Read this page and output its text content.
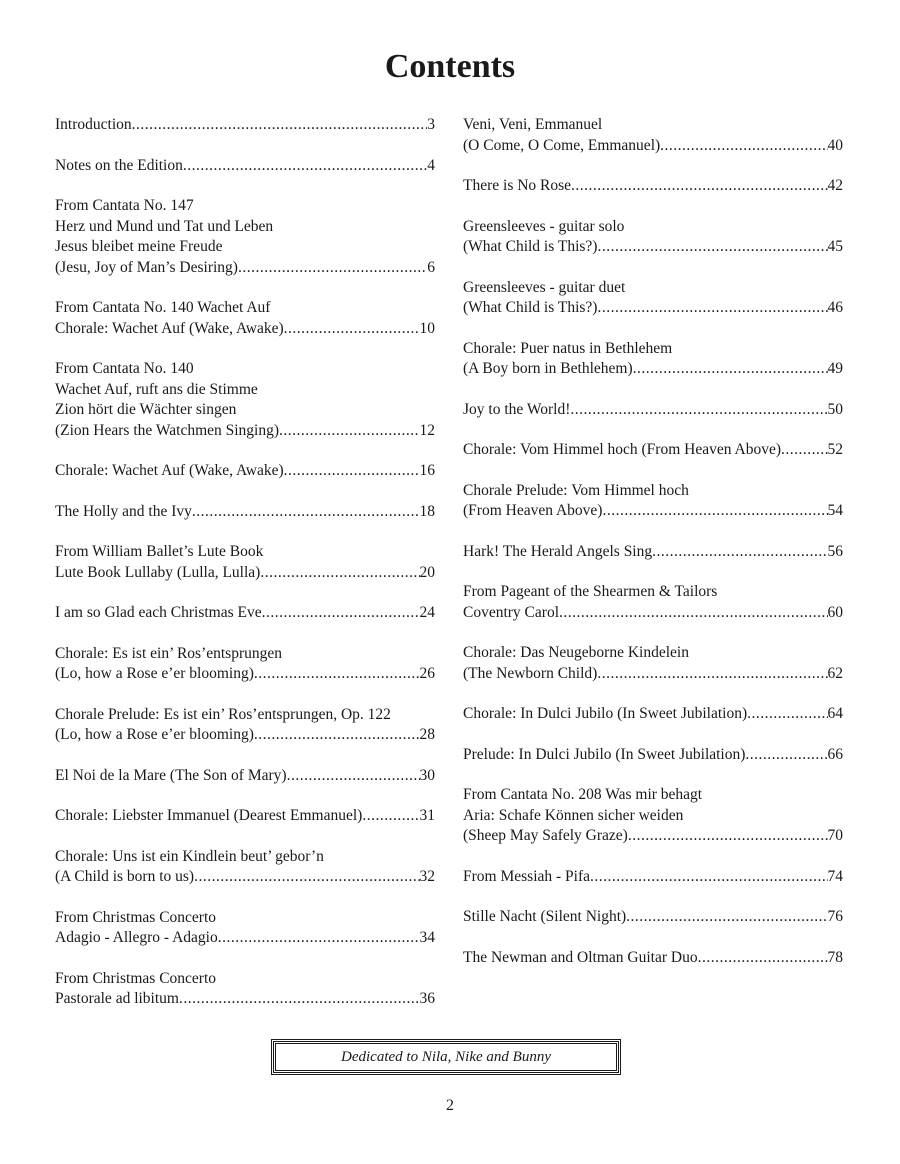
Contents
Introduction .....	3
Notes on the Edition .....	4
From Cantata No. 147
Herz und Mund und Tat und Leben
Jesus bleibet meine Freude
(Jesu, Joy of Man’s Desiring) .....	6
From Cantata No. 140 Wachet Auf
Chorale: Wachet Auf (Wake, Awake) .....	10
From Cantata No. 140
Wachet Auf, ruft ans die Stimme
Zion hört die Wächter singen
(Zion Hears the Watchmen Singing) .....	12
Chorale: Wachet Auf (Wake, Awake) .....	16
The Holly and the Ivy .....	18
From William Ballet’s Lute Book
Lute Book Lullaby (Lulla, Lulla) .....	20
I am so Glad each Christmas Eve .....	24
Chorale: Es ist ein’ Ros’entsprungen
(Lo, how a Rose e’er blooming) .....	26
Chorale Prelude: Es ist ein’ Ros’entsprungen, Op. 122
(Lo, how a Rose e’er blooming) .....	28
El Noi de la Mare (The Son of Mary) .....	30
Chorale: Liebster Immanuel (Dearest Emmanuel) .....	31
Chorale: Uns ist ein Kindlein beut’ gebor’n
(A Child is born to us) .....	32
From Christmas Concerto
Adagio - Allegro - Adagio .....	34
From Christmas Concerto
Pastorale ad libitum .....	36
Veni, Veni, Emmanuel
(O Come, O Come, Emmanuel) .....	40
There is No Rose .....	42
Greensleeves - guitar solo
(What Child is This?) .....	45
Greensleeves - guitar duet
(What Child is This?) .....	46
Chorale: Puer natus in Bethlehem
(A Boy born in Bethlehem) .....	49
Joy to the World! .....	50
Chorale: Vom Himmel hoch (From Heaven Above) .....	52
Chorale Prelude: Vom Himmel hoch
(From Heaven Above) .....	54
Hark! The Herald Angels Sing .....	56
From Pageant of the Shearmen & Tailors
Coventry Carol .....	60
Chorale: Das Neugeborne Kindelein
(The Newborn Child) .....	62
Chorale: In Dulci Jubilo (In Sweet Jubilation) .....	64
Prelude: In Dulci Jubilo (In Sweet Jubilation) .....	66
From Cantata No. 208 Was mir behagt
Aria: Schafe Können sicher weiden
(Sheep May Safely Graze) .....	70
From Messiah - Pifa .....	74
Stille Nacht (Silent Night) .....	76
The Newman and Oltman Guitar Duo .....	78
Dedicated to Nila, Nike and Bunny
2
